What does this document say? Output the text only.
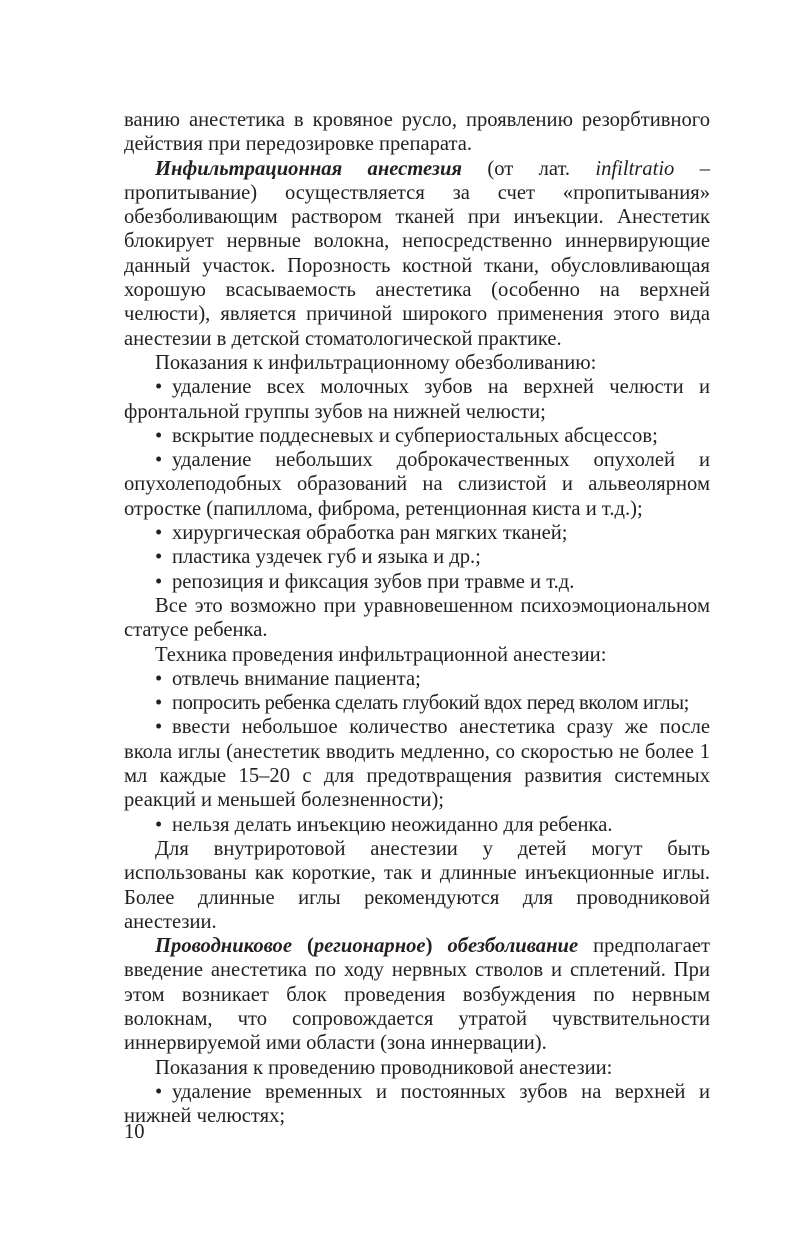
ванию анестетика в кровяное русло, проявлению резорбтивного действия при передозировке препарата.

Инфильтрационная анестезия (от лат. infiltratio – пропитывание) осуществляется за счет «пропитывания» обезболивающим раствором тканей при инъекции. Анестетик блокирует нервные волокна, непосредственно иннервирующие данный участок. Порозность костной ткани, обусловливающая хорошую всасываемость анестетика (особенно на верхней челюсти), является причиной широкого применения этого вида анестезии в детской стоматологической практике.

Показания к инфильтрационному обезболиванию:

• удаление всех молочных зубов на верхней челюсти и фронтальной группы зубов на нижней челюсти;

• вскрытие поддесневых и субпериостальных абсцессов;

• удаление небольших доброкачественных опухолей и опухолеподобных образований на слизистой и альвеолярном отростке (папиллома, фиброма, ретенционная киста и т.д.);

• хирургическая обработка ран мягких тканей;

• пластика уздечек губ и языка и др.;

• репозиция и фиксация зубов при травме и т.д.

Все это возможно при уравновешенном психоэмоциональном статусе ребенка.

Техника проведения инфильтрационной анестезии:

• отвлечь внимание пациента;

• попросить ребенка сделать глубокий вдох перед вколом иглы;

• ввести небольшое количество анестетика сразу же после вкола иглы (анестетик вводить медленно, со скоростью не более 1 мл каждые 15–20 с для предотвращения развития системных реакций и меньшей болезненности);

• нельзя делать инъекцию неожиданно для ребенка.

Для внутриротовой анестезии у детей могут быть использованы как короткие, так и длинные инъекционные иглы. Более длинные иглы рекомендуются для проводниковой анестезии.

Проводниковое (регионарное) обезболивание предполагает введение анестетика по ходу нервных стволов и сплетений. При этом возникает блок проведения возбуждения по нервным волокнам, что сопровождается утратой чувствительности иннервируемой ими области (зона иннервации).

Показания к проведению проводниковой анестезии:

• удаление временных и постоянных зубов на верхней и нижней челюстях;

10
